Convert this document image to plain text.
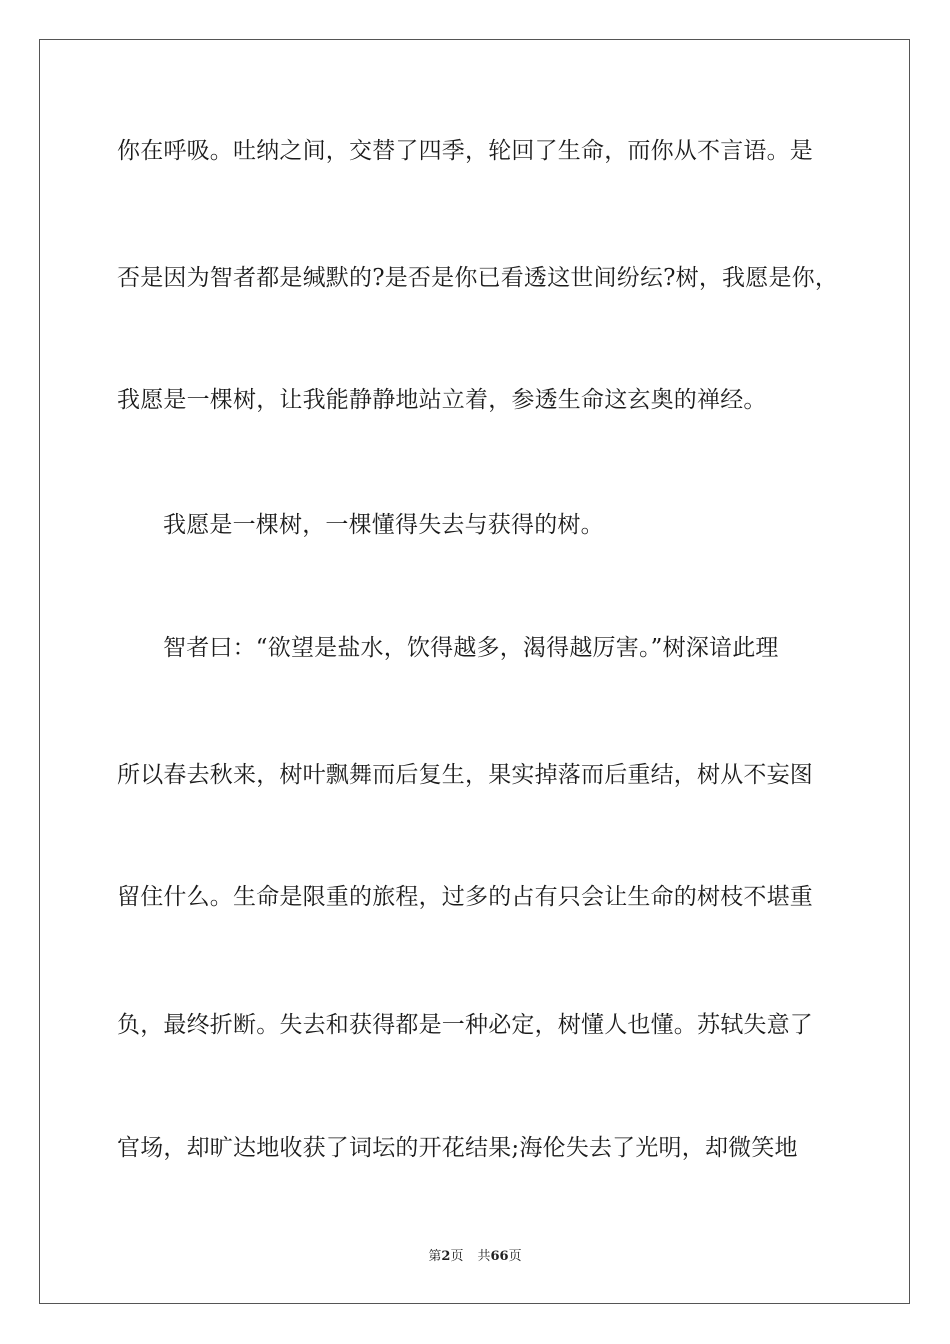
你在呼吸。吐纳之间，交替了四季，轮回了生命，而你从不言语。是
否是因为智者都是缄默的?是否是你已看透这世间纷纭?树，我愿是你，
我愿是一棵树，让我能静静地站立着，参透生命这玄奥的禅经。
我愿是一棵树，一棵懂得失去与获得的树。
智者曰：“欲望是盐水，饮得越多，渴得越厉害。”树深谙此理
所以春去秋来，树叶飘舞而后复生，果实掉落而后重结，树从不妄图
留住什么。生命是限重的旅程，过多的占有只会让生命的树枝不堪重
负，最终折断。失去和获得都是一种必定，树懂人也懂。苏轼失意了
官场，却旷达地收获了词坛的开花结果;海伦失去了光明，却微笑地
第2页 共66页
